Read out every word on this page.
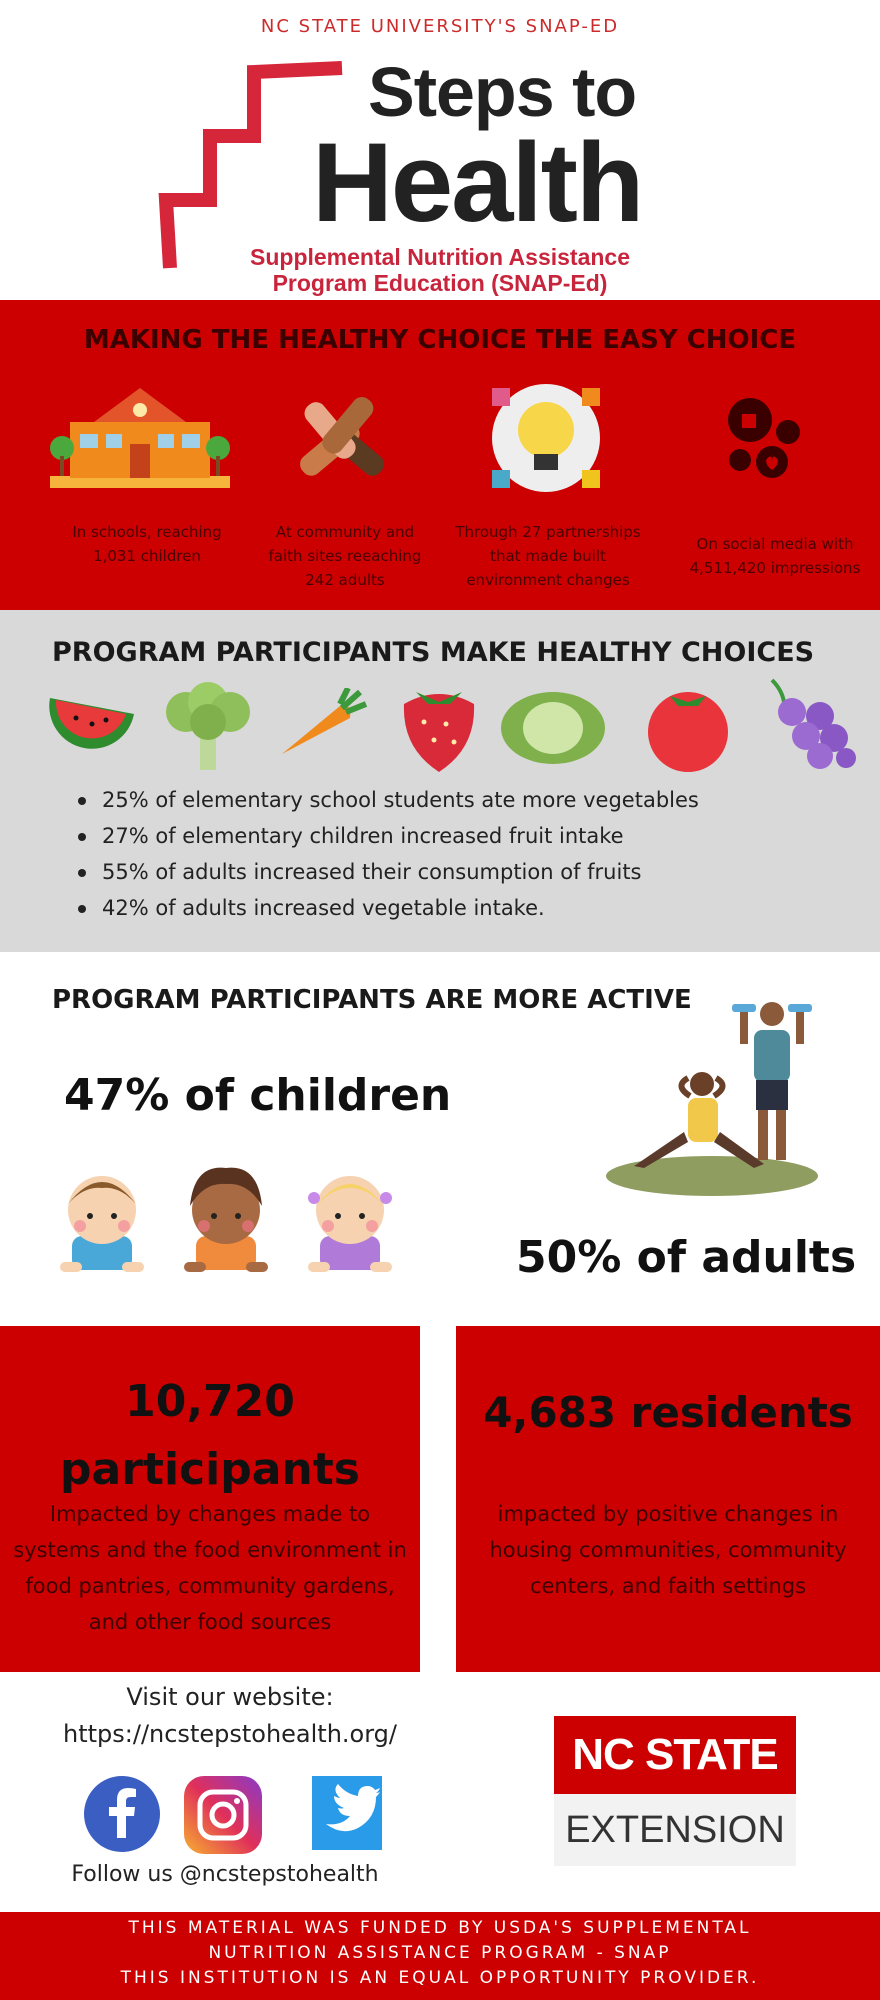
NC STATE UNIVERSITY'S SNAP-ED
Steps to
Health
Supplemental Nutrition Assistance
Program Education (SNAP-Ed)
MAKING THE HEALTHY CHOICE THE EASY CHOICE
In schools, reaching
1,031 children
At community and
faith sites reeaching
242 adults
Through 27 partnerships
that made built
environment changes
On social media with
4,511,420 impressions
PROGRAM PARTICIPANTS MAKE HEALTHY CHOICES
25% of elementary school students ate more vegetables
27% of elementary children increased fruit intake
55% of adults increased their consumption of fruits
42% of adults increased vegetable intake.
PROGRAM PARTICIPANTS ARE MORE ACTIVE
47% of children
50% of adults
10,720
participants
Impacted by changes made to systems and the food environment in food pantries, community gardens, and other food sources
4,683 residents
impacted by positive changes in housing communities, community centers, and faith settings
Visit our website:
https://ncstepstohealth.org/
Follow us @ncstepstohealth
NC STATE
EXTENSION
THIS MATERIAL WAS FUNDED BY USDA'S SUPPLEMENTAL
NUTRITION ASSISTANCE PROGRAM - SNAP
THIS INSTITUTION IS AN EQUAL OPPORTUNITY PROVIDER.
